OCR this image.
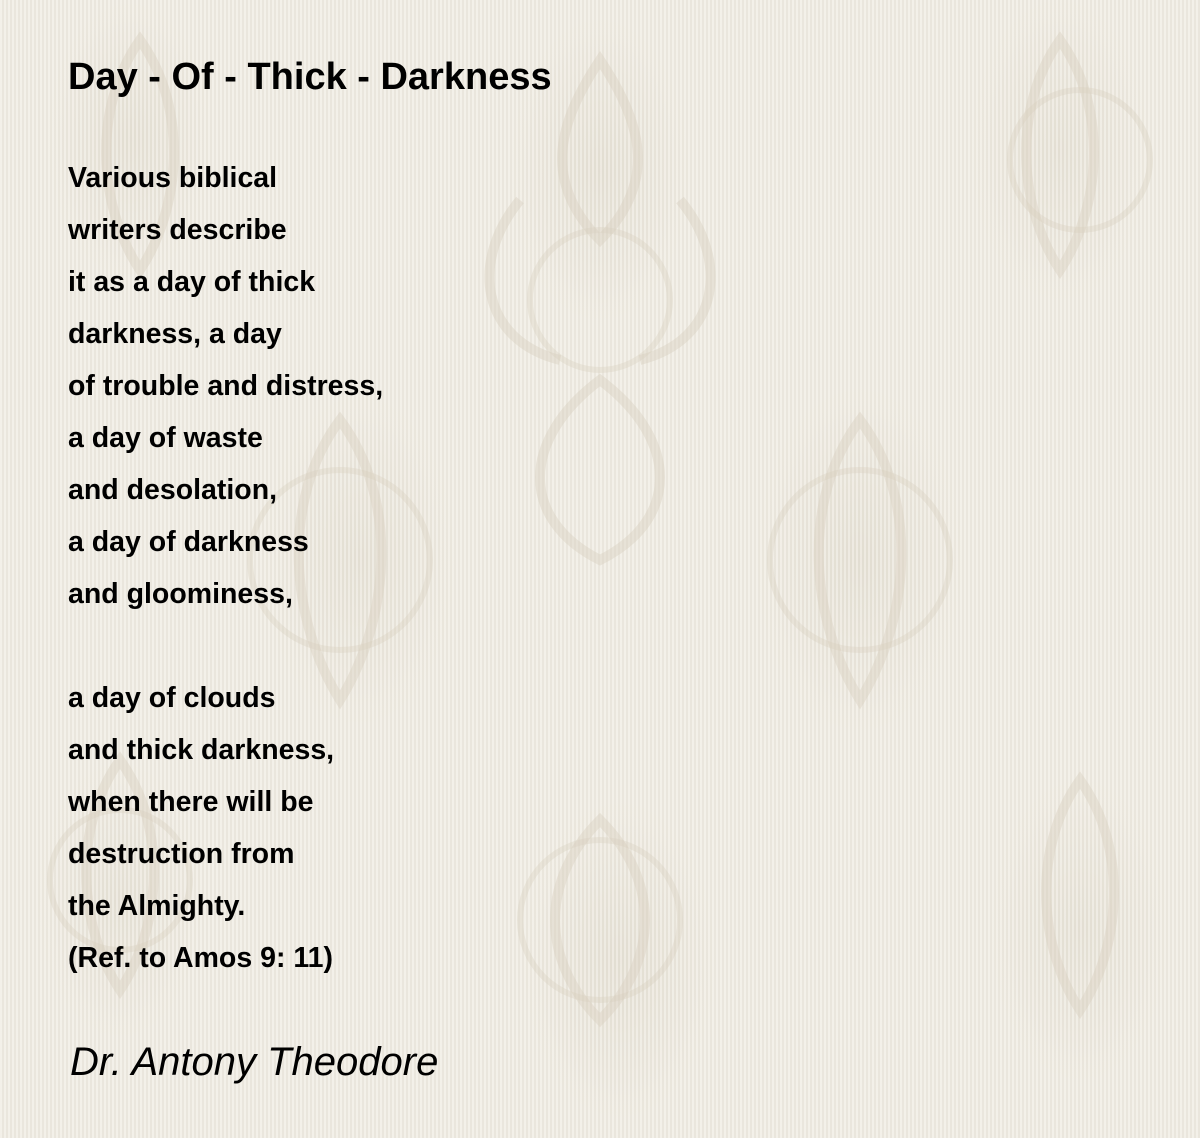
Day - Of - Thick - Darkness
Various biblical
writers describe
it as a day of thick
darkness, a day
of trouble and distress,
a day of waste
and desolation,
a day of darkness
and gloominess,
a day of clouds
and thick darkness,
when there will be
destruction from
the Almighty.
(Ref. to Amos 9: 11)
Dr. Antony Theodore
